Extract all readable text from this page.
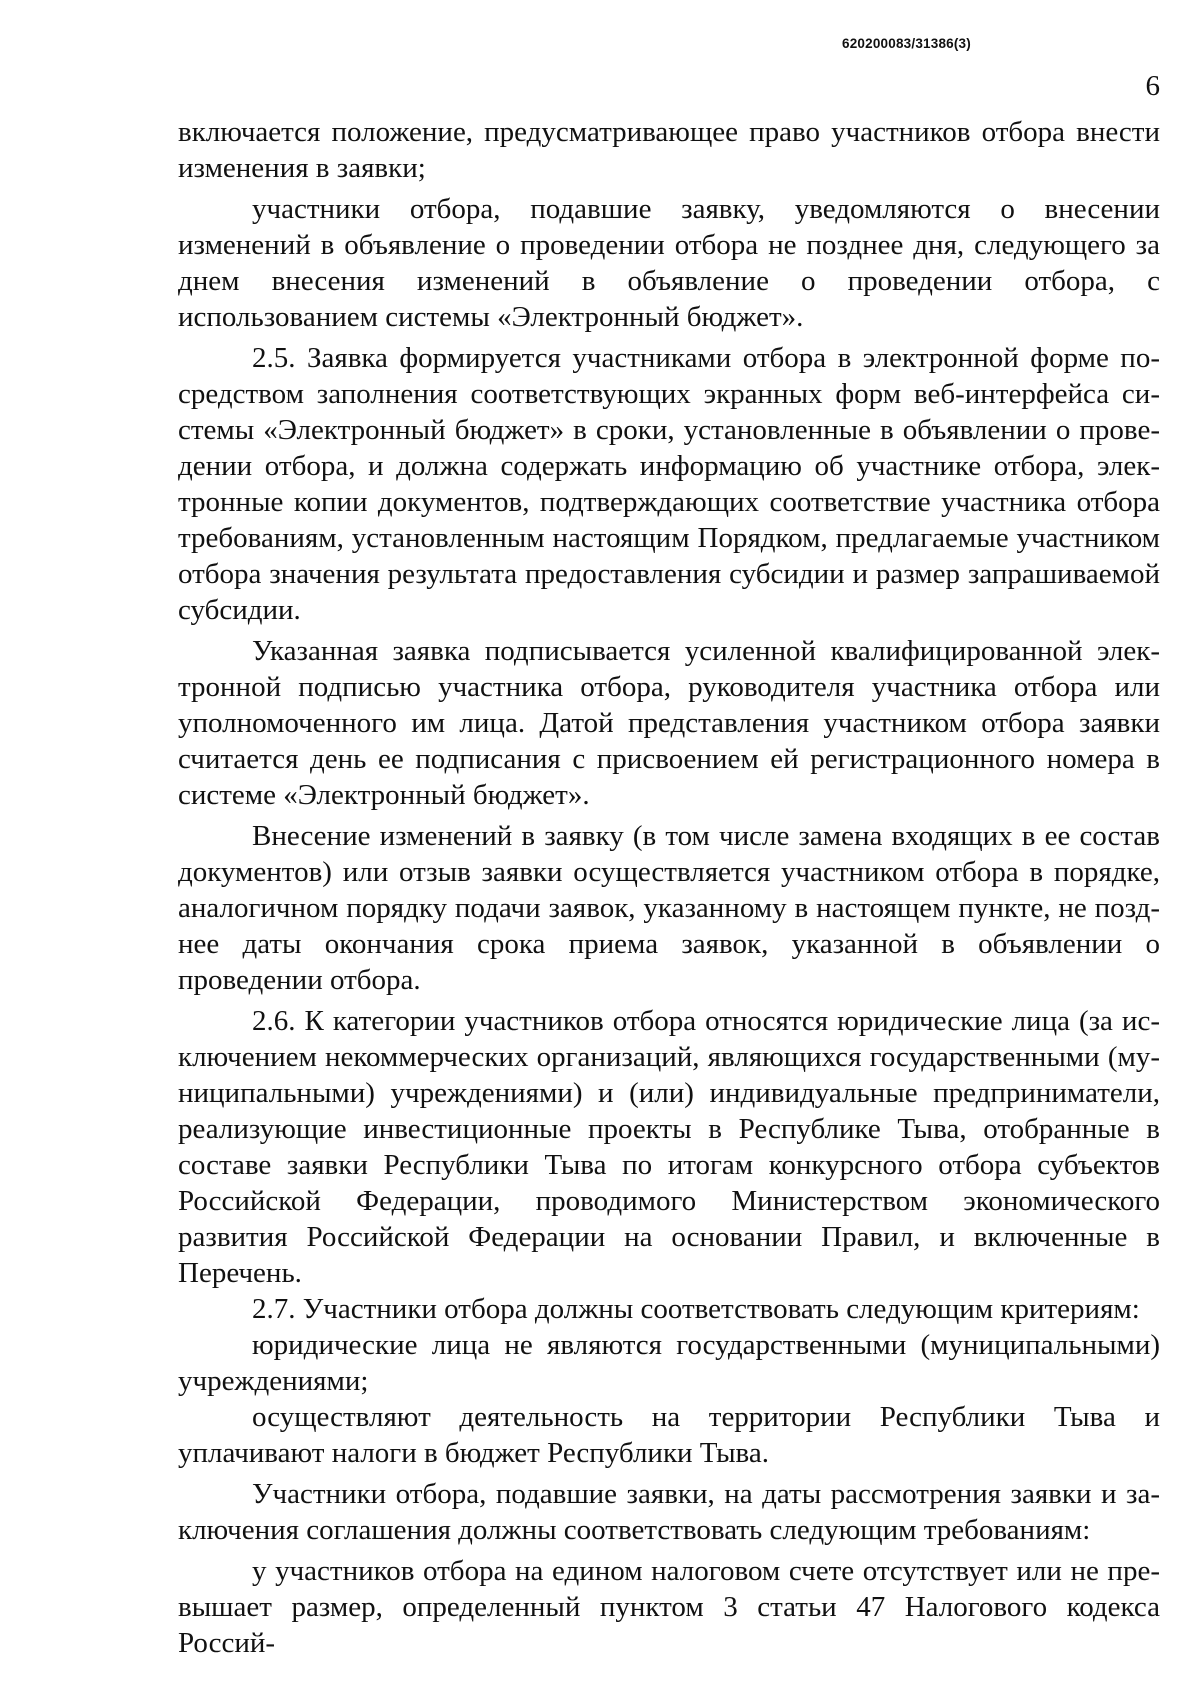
620200083/31386(3)
6

включается положение, предусматривающее право участников отбора внести изменения в заявки;

участники отбора, подавшие заявку, уведомляются о внесении изменений в объявление о проведении отбора не позднее дня, следующего за днем внесения изменений в объявление о проведении отбора, с использованием системы «Электронный бюджет».

2.5. Заявка формируется участниками отбора в электронной форме посредством заполнения соответствующих экранных форм веб-интерфейса системы «Электронный бюджет» в сроки, установленные в объявлении о проведении отбора, и должна содержать информацию об участнике отбора, электронные копии документов, подтверждающих соответствие участника отбора требованиям, установленным настоящим Порядком, предлагаемые участником отбора значения результата предоставления субсидии и размер запрашиваемой субсидии.

Указанная заявка подписывается усиленной квалифицированной электронной подписью участника отбора, руководителя участника отбора или уполномоченного им лица. Датой представления участником отбора заявки считается день ее подписания с присвоением ей регистрационного номера в системе «Электронный бюджет».

Внесение изменений в заявку (в том числе замена входящих в ее состав документов) или отзыв заявки осуществляется участником отбора в порядке, аналогичном порядку подачи заявок, указанному в настоящем пункте, не позднее даты окончания срока приема заявок, указанной в объявлении о проведении отбора.

2.6. К категории участников отбора относятся юридические лица (за исключением некоммерческих организаций, являющихся государственными (муниципальными) учреждениями) и (или) индивидуальные предприниматели, реализующие инвестиционные проекты в Республике Тыва, отобранные в составе заявки Республики Тыва по итогам конкурсного отбора субъектов Российской Федерации, проводимого Министерством экономического развития Российской Федерации на основании Правил, и включенные в Перечень.

2.7. Участники отбора должны соответствовать следующим критериям:

юридические лица не являются государственными (муниципальными) учреждениями;

осуществляют деятельность на территории Республики Тыва и уплачивают налоги в бюджет Республики Тыва.

Участники отбора, подавшие заявки, на даты рассмотрения заявки и заключения соглашения должны соответствовать следующим требованиям:

у участников отбора на едином налоговом счете отсутствует или не превышает размер, определенный пунктом 3 статьи 47 Налогового кодекса Россий-
